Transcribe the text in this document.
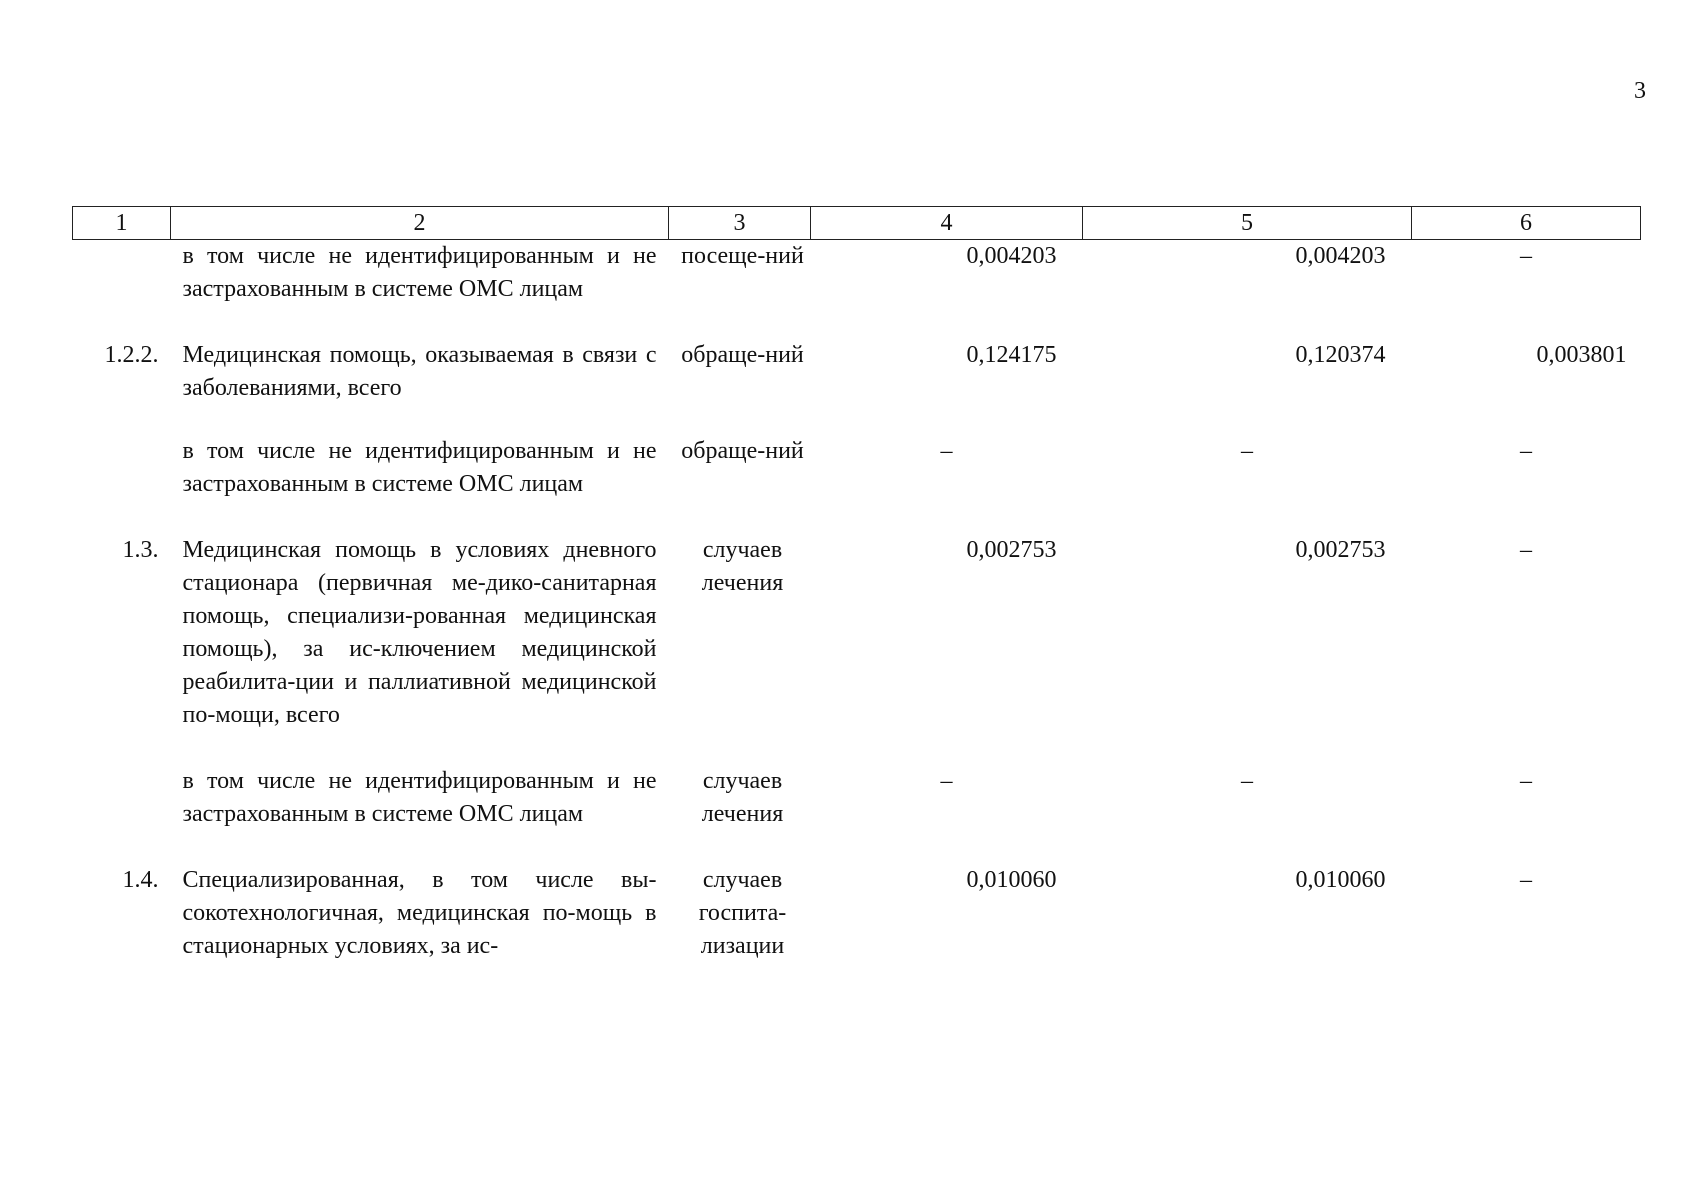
3
1	2	3	4	5	6
	в том числе не идентифицированным и не застрахованным в системе ОМС лицам	посеще-ний	0,004203	0,004203	–
1.2.2.	Медицинская помощь, оказываемая в связи с заболеваниями, всего	обраще-ний	0,124175	0,120374	0,003801
	в том числе не идентифицированным и не застрахованным в системе ОМС лицам	обраще-ний	–	–	–
1.3.	Медицинская помощь в условиях дневного стационара (первичная ме-дико-санитарная помощь, специализи-рованная медицинская помощь), за ис-ключением медицинской реабилита-ции и паллиативной медицинской по-мощи, всего	случаев лечения	0,002753	0,002753	–
	в том числе не идентифицированным и не застрахованным в системе ОМС лицам	случаев лечения	–	–	–
1.4.	Специализированная, в том числе вы-сокотехнологичная, медицинская по-мощь в стационарных условиях, за ис-	случаев госпита-лизации	0,010060	0,010060	–
